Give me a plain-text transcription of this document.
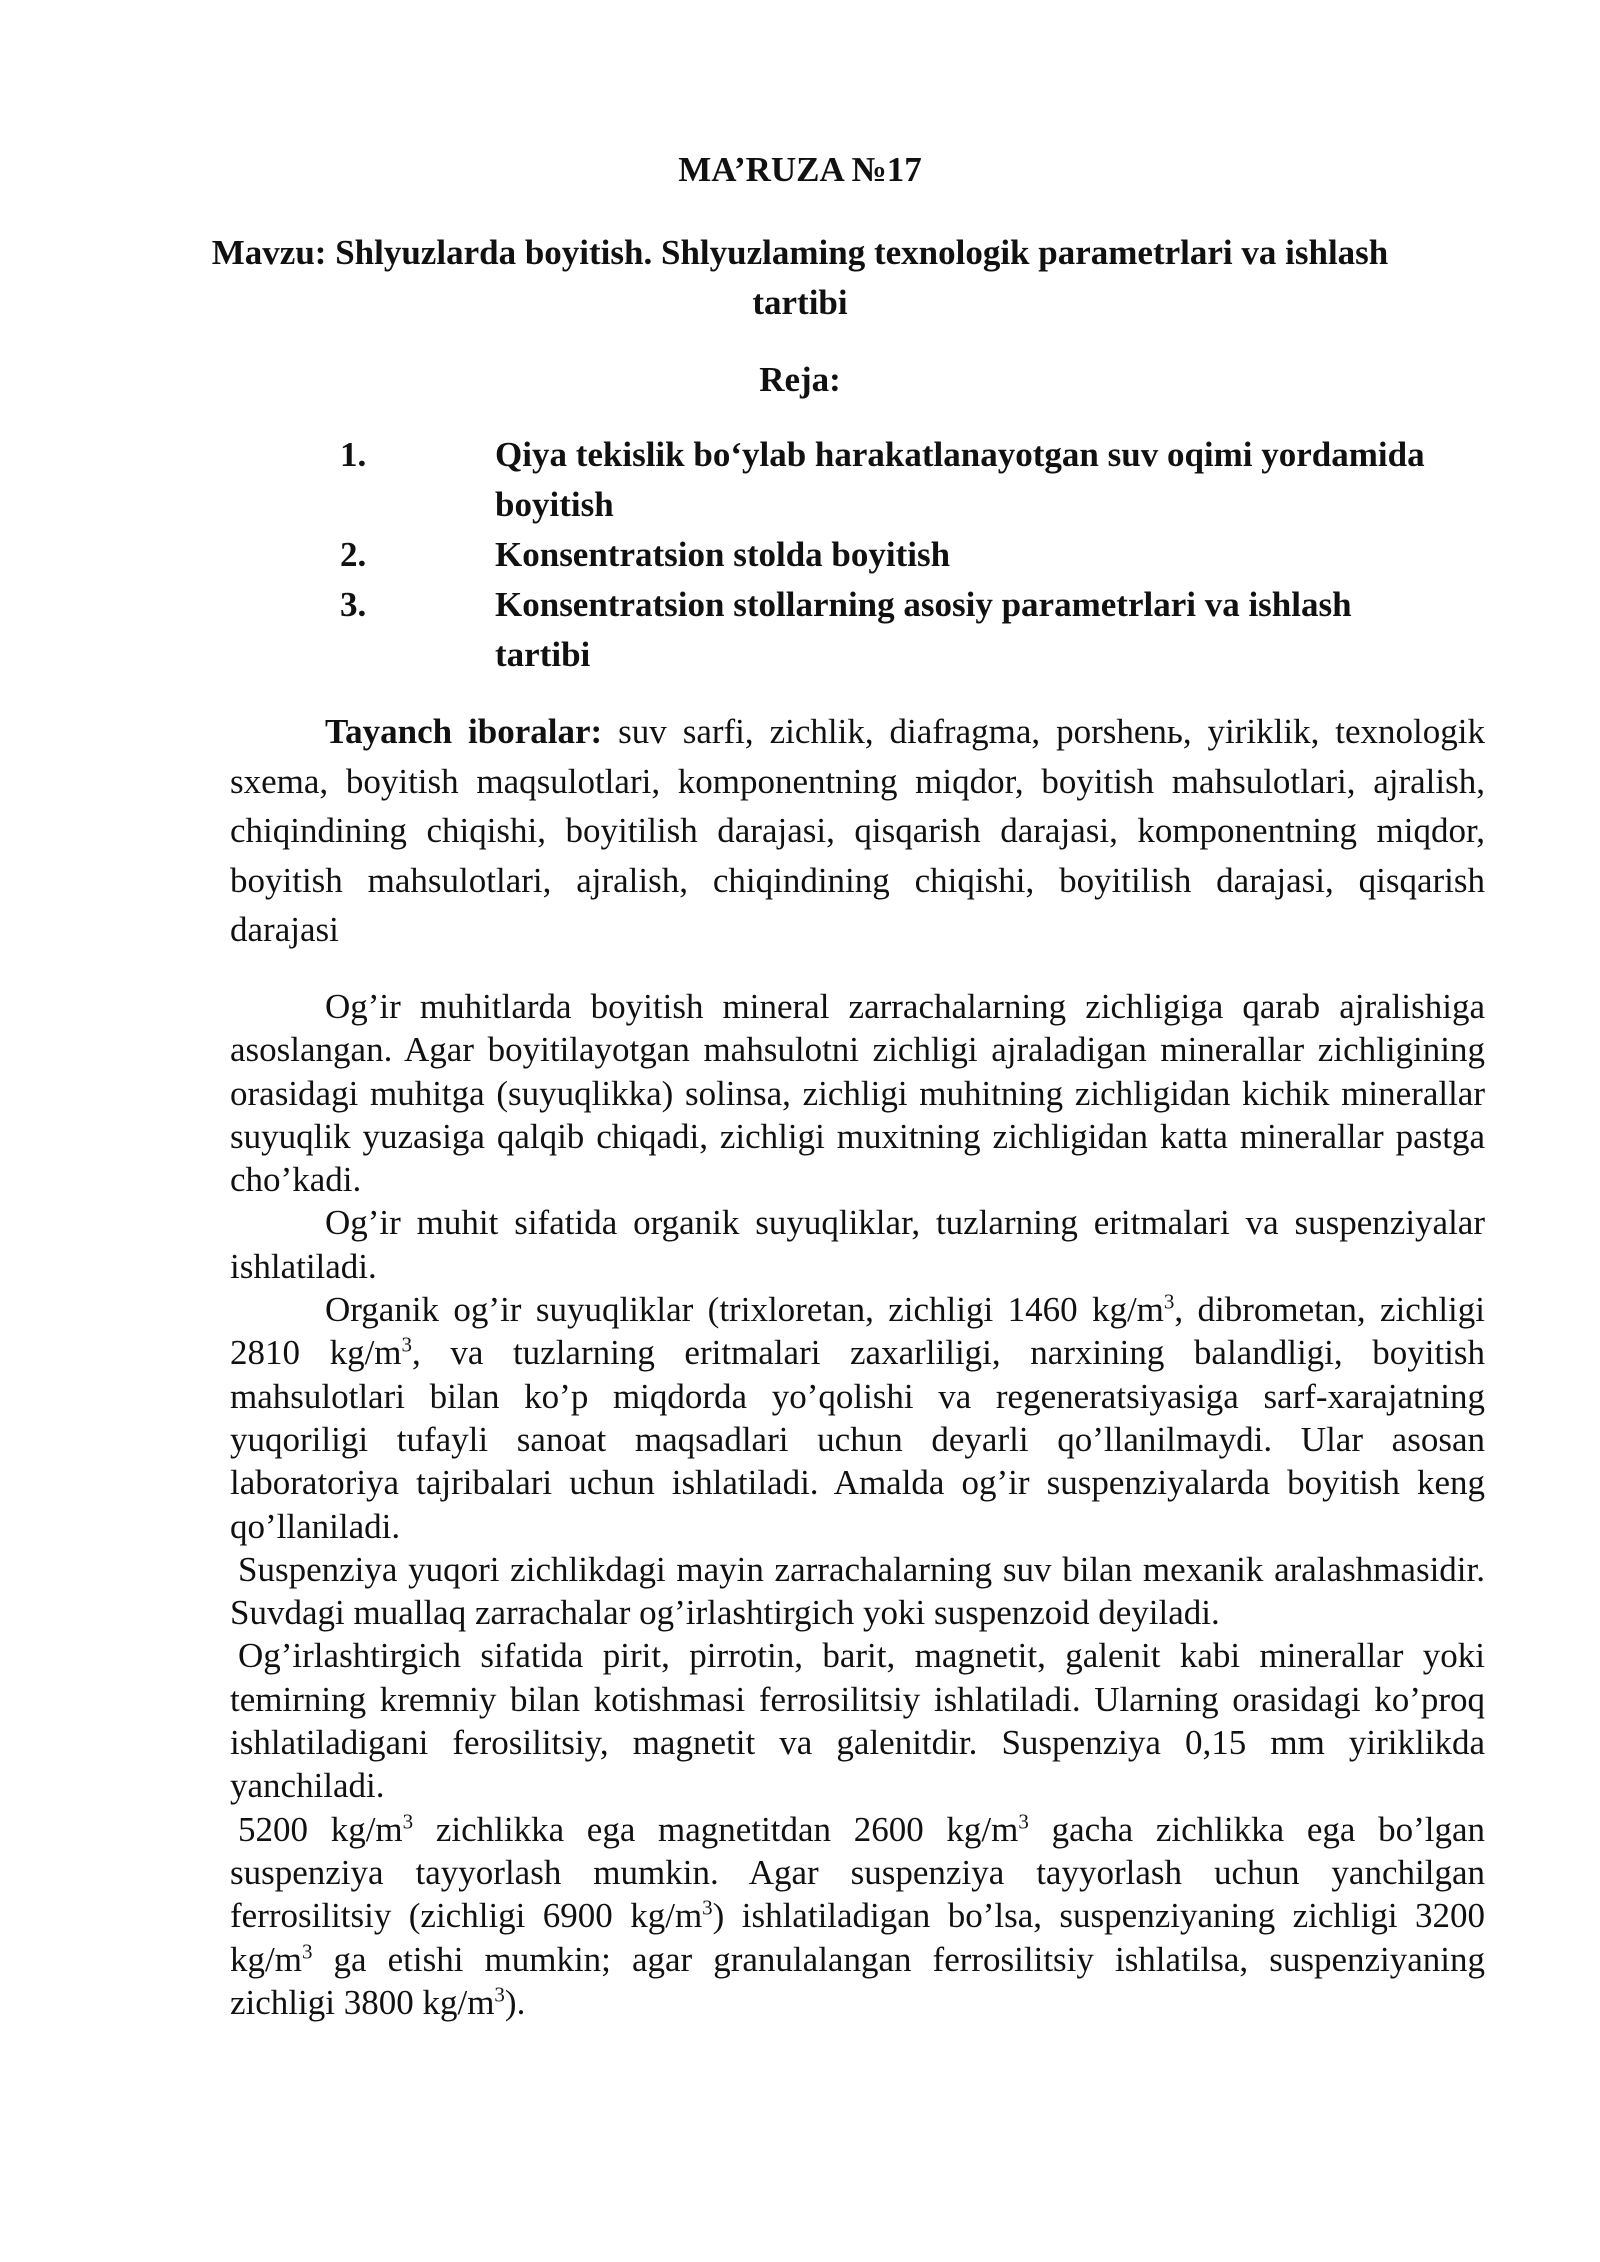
MA’RUZA №17
Mavzu: Shlyuzlarda boyitish. Shlyuzlaming texnologik parametrlari va ishlash tartibi
Reja:
1.	Qiya tekislik bo‘ylab harakatlanayotgan suv oqimi yordamida boyitish
2.	Konsentratsion stolda boyitish
3.	Konsentratsion stollarning asosiy parametrlari va ishlash tartibi

Tayanch iboralar: suv sarfi, zichlik, diafragma, porshenь, yiriklik, texnologik sxema, boyitish maqsulotlari, komponentning miqdor, boyitish mahsulotlari, ajralish, chiqindining chiqishi, boyitilish darajasi, qisqarish darajasi, komponentning miqdor, boyitish mahsulotlari, ajralish, chiqindining chiqishi, boyitilish darajasi, qisqarish darajasi

Og’ir muhitlarda boyitish mineral zarrachalarning zichligiga qarab ajralishiga asoslangan. Agar boyitilayotgan mahsulotni zichligi ajraladigan minerallar zichligining orasidagi muhitga (suyuqlikka) solinsa, zichligi muhitning zichligidan kichik minerallar suyuqlik yuzasiga qalqib chiqadi, zichligi muxitning zichligidan katta minerallar pastga cho’kadi.

Og’ir muhit sifatida organik suyuqliklar, tuzlarning eritmalari va suspenziyalar ishlatiladi.

Organik og’ir suyuqliklar (trixloretan, zichligi 1460 $kg/m^3$, dibrometan, zichligi 2810 $kg/m^3$, va tuzlarning eritmalari zaxarliligi, narxining balandligi, boyitish mahsulotlari bilan ko’p miqdorda yo’qolishi va regeneratsiyasiga sarf-xarajatning yuqoriligi tufayli sanoat maqsadlari uchun deyarli qo’llanilmaydi. Ular asosan laboratoriya tajribalari uchun ishlatiladi. Amalda og’ir suspenziyalarda boyitish keng qo’llaniladi.

Suspenziya yuqori zichlikdagi mayin zarrachalarning suv bilan mexanik aralashmasidir. Suvdagi muallaq zarrachalar og’irlashtirgich yoki suspenzoid deyiladi.

Og’irlashtirgich sifatida pirit, pirrotin, barit, magnetit, galenit kabi minerallar yoki temirning kremniy bilan kotishmasi ferrosilitsiy ishlatiladi. Ularning orasidagi ko’proq ishlatiladigani ferosilitsiy, magnetit va galenitdir. Suspenziya 0,15 mm yiriklikda yanchiladi.

5200 $kg/m^3$ zichlikka ega magnetitdan 2600 $kg/m^3$ gacha zichlikka ega bo’lgan suspenziya tayyorlash mumkin. Agar suspenziya tayyorlash uchun yanchilgan ferrosilitsiy (zichligi 6900 $kg/m^3$) ishlatiladigan bo’lsa, suspenziyaning zichligi 3200 $kg/m^3$ ga etishi mumkin; agar granulalangan ferrosilitsiy ishlatilsa, suspenziyaning zichligi 3800 $kg/m^3$).
